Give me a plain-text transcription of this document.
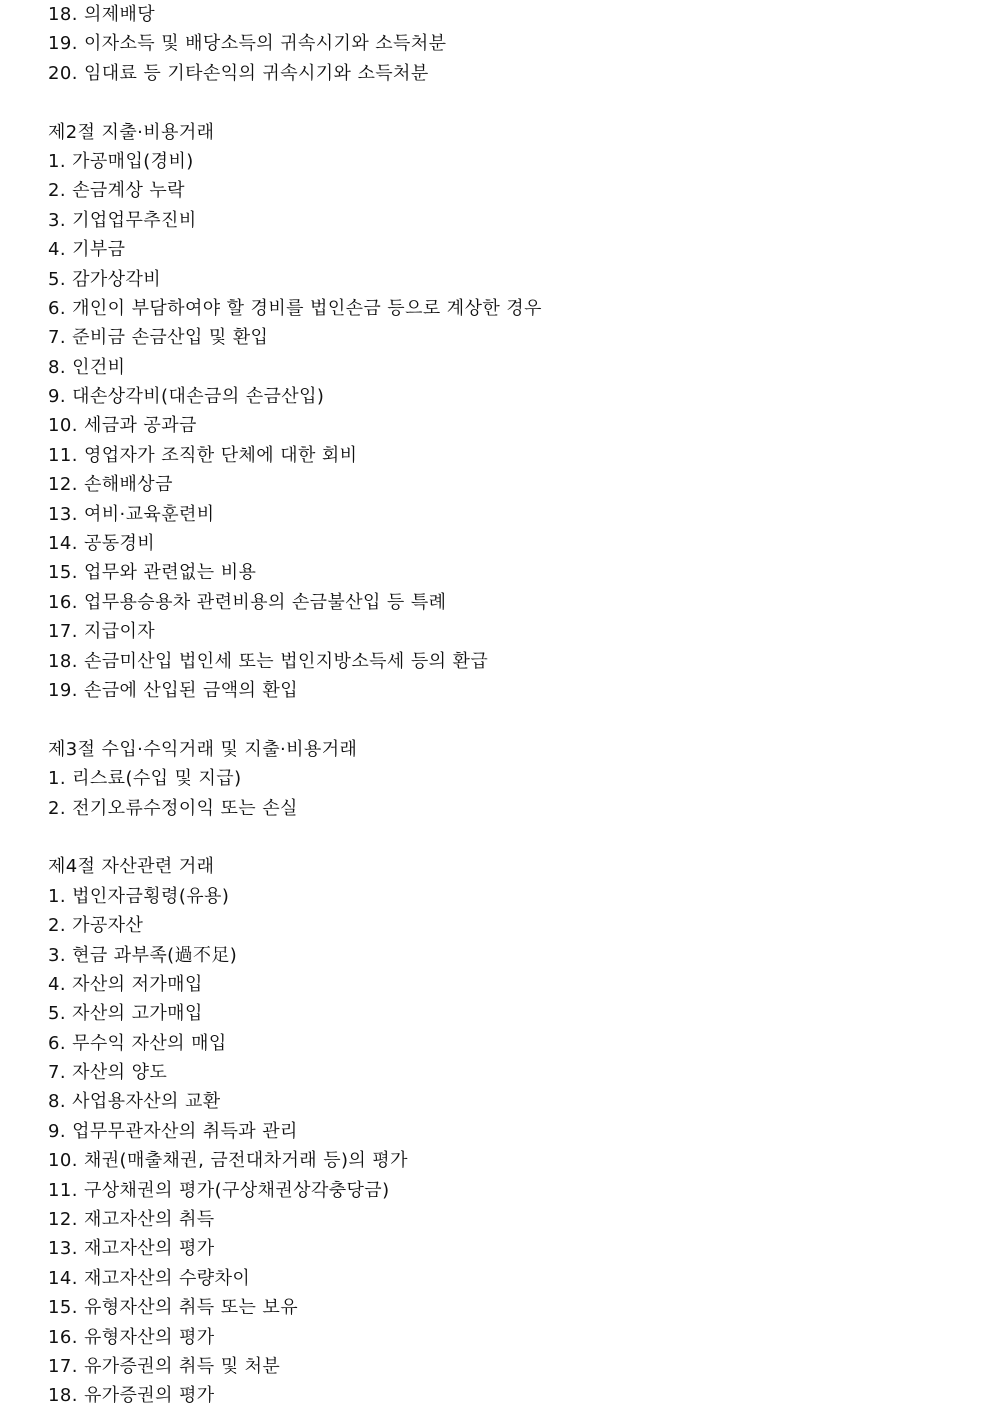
18. 의제배당
19. 이자소득 및 배당소득의 귀속시기와 소득처분
20. 임대료 등 기타손익의 귀속시기와 소득처분
제2절 지출·비용거래
1. 가공매입(경비)
2. 손금계상 누락
3. 기업업무추진비
4. 기부금
5. 감가상각비
6. 개인이 부담하여야 할 경비를 법인손금 등으로 계상한 경우
7. 준비금 손금산입 및 환입
8. 인건비
9. 대손상각비(대손금의 손금산입)
10. 세금과 공과금
11. 영업자가 조직한 단체에 대한 회비
12. 손해배상금
13. 여비·교육훈련비
14. 공동경비
15. 업무와 관련없는 비용
16. 업무용승용차 관련비용의 손금불산입 등 특례
17. 지급이자
18. 손금미산입 법인세 또는 법인지방소득세 등의 환급
19. 손금에 산입된 금액의 환입
제3절 수입·수익거래 및 지출·비용거래
1. 리스료(수입 및 지급)
2. 전기오류수정이익 또는 손실
제4절 자산관련 거래
1. 법인자금횡령(유용)
2. 가공자산
3. 현금 과부족(過不足)
4. 자산의 저가매입
5. 자산의 고가매입
6. 무수익 자산의 매입
7. 자산의 양도
8. 사업용자산의 교환
9. 업무무관자산의 취득과 관리
10. 채권(매출채권, 금전대차거래 등)의 평가
11. 구상채권의 평가(구상채권상각충당금)
12. 재고자산의 취득
13. 재고자산의 평가
14. 재고자산의 수량차이
15. 유형자산의 취득 또는 보유
16. 유형자산의 평가
17. 유가증권의 취득 및 처분
18. 유가증권의 평가
